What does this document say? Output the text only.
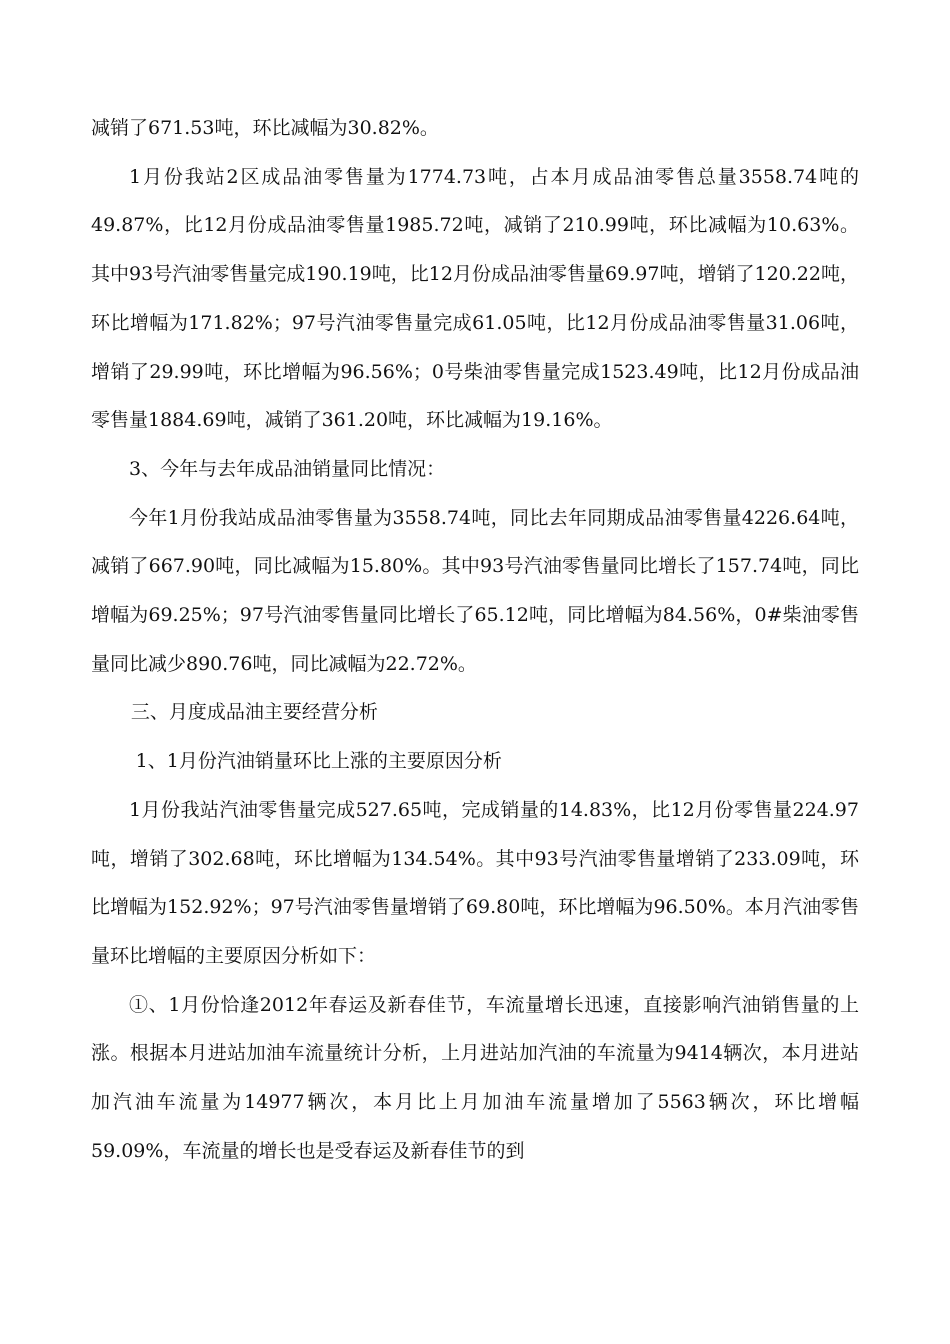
减销了671.53吨，环比减幅为30.82%。

1月份我站2区成品油零售量为1774.73吨，占本月成品油零售总量3558.74吨的49.87%，比12月份成品油零售量1985.72吨，减销了210.99吨，环比减幅为10.63%。其中93号汽油零售量完成190.19吨，比12月份成品油零售量69.97吨，增销了120.22吨，环比增幅为171.82%；97号汽油零售量完成61.05吨，比12月份成品油零售量31.06吨，增销了29.99吨，环比增幅为96.56%；0号柴油零售量完成1523.49吨，比12月份成品油零售量1884.69吨，减销了361.20吨，环比减幅为19.16%。

3、今年与去年成品油销量同比情况：

今年1月份我站成品油零售量为3558.74吨，同比去年同期成品油零售量4226.64吨，减销了667.90吨，同比减幅为15.80%。其中93号汽油零售量同比增长了157.74吨，同比增幅为69.25%；97号汽油零售量同比增长了65.12吨，同比增幅为84.56%，0#柴油零售量同比减少890.76吨，同比减幅为22.72%。

三、月度成品油主要经营分析

1、1月份汽油销量环比上涨的主要原因分析

1月份我站汽油零售量完成527.65吨，完成销量的14.83%，比12月份零售量224.97吨，增销了302.68吨，环比增幅为134.54%。其中93号汽油零售量增销了233.09吨，环比增幅为152.92%；97号汽油零售量增销了69.80吨，环比增幅为96.50%。本月汽油零售量环比增幅的主要原因分析如下：

①、1月份恰逢2012年春运及新春佳节，车流量增长迅速，直接影响汽油销售量的上涨。根据本月进站加油车流量统计分析，上月进站加汽油的车流量为9414辆次，本月进站加汽油车流量为14977辆次，本月比上月加油车流量增加了5563辆次，环比增幅59.09%，车流量的增长也是受春运及新春佳节的到
